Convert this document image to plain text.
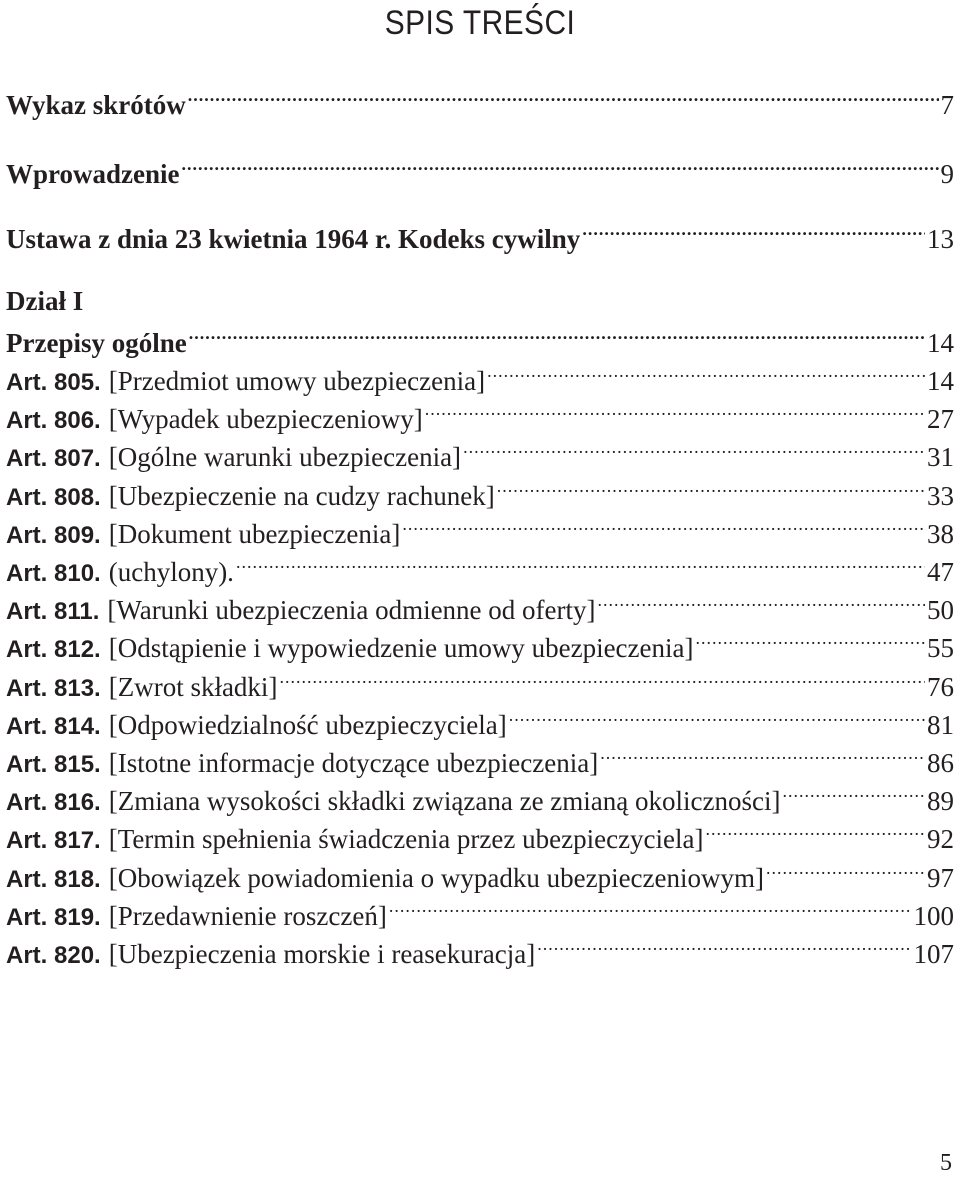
SPIS TREŚCI
Wykaz skrótów .....	7
Wprowadzenie .....	9
Ustawa z dnia 23 kwietnia 1964 r. Kodeks cywilny .....	13
Dział I
Przepisy ogólne .....	14
Art. 805. [Przedmiot umowy ubezpieczenia] .....	14
Art. 806. [Wypadek ubezpieczeniowy] .....	27
Art. 807. [Ogólne warunki ubezpieczenia] .....	31
Art. 808. [Ubezpieczenie na cudzy rachunek] .....	33
Art. 809. [Dokument ubezpieczenia] .....	38
Art. 810. (uchylony). .....	47
Art. 811. [Warunki ubezpieczenia odmienne od oferty] .....	50
Art. 812. [Odstąpienie i wypowiedzenie umowy ubezpieczenia] .....	55
Art. 813. [Zwrot składki] .....	76
Art. 814. [Odpowiedzialność ubezpieczyciela] .....	81
Art. 815. [Istotne informacje dotyczące ubezpieczenia] .....	86
Art. 816. [Zmiana wysokości składki związana ze zmianą okoliczności] .....	89
Art. 817. [Termin spełnienia świadczenia przez ubezpieczyciela] .....	92
Art. 818. [Obowiązek powiadomienia o wypadku ubezpieczeniowym] .....	97
Art. 819. [Przedawnienie roszczeń] .....	100
Art. 820. [Ubezpieczenia morskie i reasekuracja] .....	107
5
